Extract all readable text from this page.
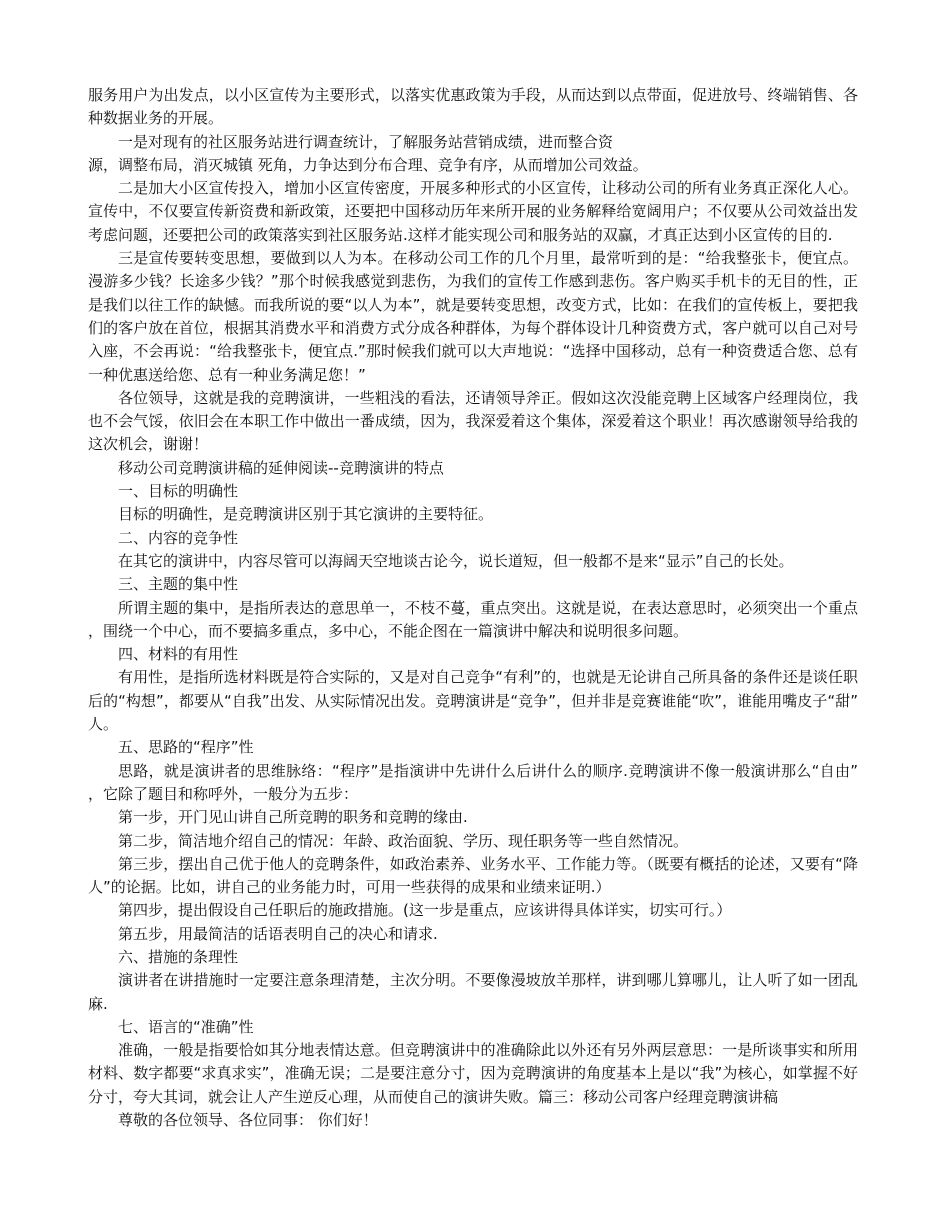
服务用户为出发点，以小区宣传为主要形式，以落实优惠政策为手段，从而达到以点带面，促进放号、终端销售、各种数据业务的开展。

一是对现有的社区服务站进行调查统计，了解服务站营销成绩，进而整合资

源，调整布局，消灭城镇 死角，力争达到分布合理、竞争有序，从而增加公司效益。

二是加大小区宣传投入，增加小区宣传密度，开展多种形式的小区宣传，让移动公司的所有业务真正深化人心。宣传中，不仅要宣传新资费和新政策，还要把中国移动历年来所开展的业务解释给宽阔用户；不仅要从公司效益出发考虑问题，还要把公司的政策落实到社区服务站.这样才能实现公司和服务站的双赢，才真正达到小区宣传的目的.

三是宣传要转变思想，要做到以人为本。在移动公司工作的几个月里，最常听到的是：“给我整张卡，便宜点。漫游多少钱？长途多少钱？”那个时候我感觉到悲伤，为我们的宣传工作感到悲伤。客户购买手机卡的无目的性，正是我们以往工作的缺憾。而我所说的要“以人为本”，就是要转变思想，改变方式，比如：在我们的宣传板上，要把我们的客户放在首位，根据其消费水平和消费方式分成各种群体，为每个群体设计几种资费方式，客户就可以自己对号入座，不会再说：“给我整张卡，便宜点.”那时候我们就可以大声地说：“选择中国移动，总有一种资费适合您、总有一种优惠送给您、总有一种业务满足您！”

各位领导，这就是我的竞聘演讲，一些粗浅的看法，还请领导斧正。假如这次没能竞聘上区域客户经理岗位，我也不会气馁，依旧会在本职工作中做出一番成绩，因为，我深爱着这个集体，深爱着这个职业！再次感谢领导给我的这次机会，谢谢！

移动公司竞聘演讲稿的延伸阅读--竞聘演讲的特点

一、目标的明确性

目标的明确性，是竞聘演讲区别于其它演讲的主要特征。

二、内容的竞争性

在其它的演讲中，内容尽管可以海阔天空地谈古论今，说长道短，但一般都不是来“显示”自己的长处。

三、主题的集中性

所谓主题的集中，是指所表达的意思单一，不枝不蔓，重点突出。这就是说，在表达意思时，必须突出一个重点，围绕一个中心，而不要搞多重点，多中心，不能企图在一篇演讲中解决和说明很多问题。

四、材料的有用性

有用性，是指所选材料既是符合实际的，又是对自己竞争“有利”的，也就是无论讲自己所具备的条件还是谈任职后的“构想”，都要从“自我”出发、从实际情况出发。竞聘演讲是“竞争”，但并非是竞赛谁能“吹”，谁能用嘴皮子“甜”人。

五、思路的“程序”性

思路，就是演讲者的思维脉络：“程序”是指演讲中先讲什么后讲什么的顺序.竞聘演讲不像一般演讲那么“自由”，它除了题目和称呼外，一般分为五步：

第一步，开门见山讲自己所竞聘的职务和竞聘的缘由.

第二步，简洁地介绍自己的情况：年龄、政治面貌、学历、现任职务等一些自然情况。

第三步，摆出自己优于他人的竞聘条件，如政治素养、业务水平、工作能力等。（既要有概括的论述，又要有“降人”的论据。比如，讲自己的业务能力时，可用一些获得的成果和业绩来证明.）

第四步，提出假设自己任职后的施政措施。(这一步是重点，应该讲得具体详实，切实可行。）

第五步，用最简洁的话语表明自己的决心和请求.

六、措施的条理性

演讲者在讲措施时一定要注意条理清楚，主次分明。不要像漫坡放羊那样，讲到哪儿算哪儿，让人听了如一团乱麻.

七、语言的“准确”性

准确，一般是指要恰如其分地表情达意。但竞聘演讲中的准确除此以外还有另外两层意思：一是所谈事实和所用材料、数字都要“求真求实”，准确无误；二是要注意分寸，因为竞聘演讲的角度基本上是以“我”为核心，如掌握不好分寸，夸大其词，就会让人产生逆反心理，从而使自己的演讲失败。篇三：移动公司客户经理竞聘演讲稿

尊敬的各位领导、各位同事： 你们好！
